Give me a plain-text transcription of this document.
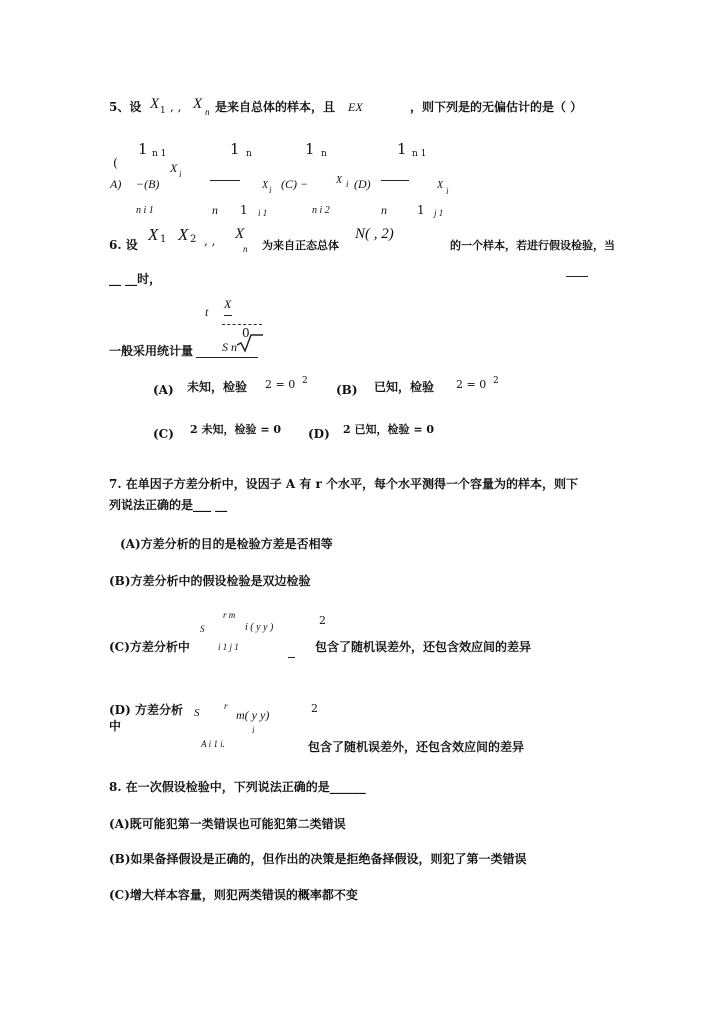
5、设 X 1 , , X n 是来自总体的样本，且 EX	，则下列是的无偏估计的是（ ）
1 n 1	1 n	1 n	1 n 1
X i
(
A) −(B)	X i (C) −	X i (D)	X i
n i 1	n 1 i 1	n i 2	n	1 j 1
6. 设
X 1 X 2 , , X
n 为来自正态总体
N( , 2)
的一个样本，若进行假设检验，当
__ __时，
t
X
0
S n
一般采用统计量
(A) 未知，检验 2 = 0 2
(B) 已知，检验 2 = 0 2
(C) 2 未知，检验 = 0 (D) 2 已知，检验 = 0
7. 在单因子方差分析中，设因子 A 有 r 个水平，每个水平测得一个容量为的样本，则下
列说法正确的是___ __
(A)方差分析的目的是检验方差是否相等
(B)方差分析中的假设检验是双边检验
r m
S	i ( y y )
2
(C)方差分析中	i 1 j 1	包含了随机误差外，还包含效应间的差异
(D) 方差分析
中
S
r
m( y y)	2
i
A i 1 i.	包含了随机误差外，还包含效应间的差异
8. 在一次假设检验中，下列说法正确的是______
(A)既可能犯第一类错误也可能犯第二类错误
(B)如果备择假设是正确的，但作出的决策是拒绝备择假设，则犯了第一类错误
(C)增大样本容量，则犯两类错误的概率都不变
